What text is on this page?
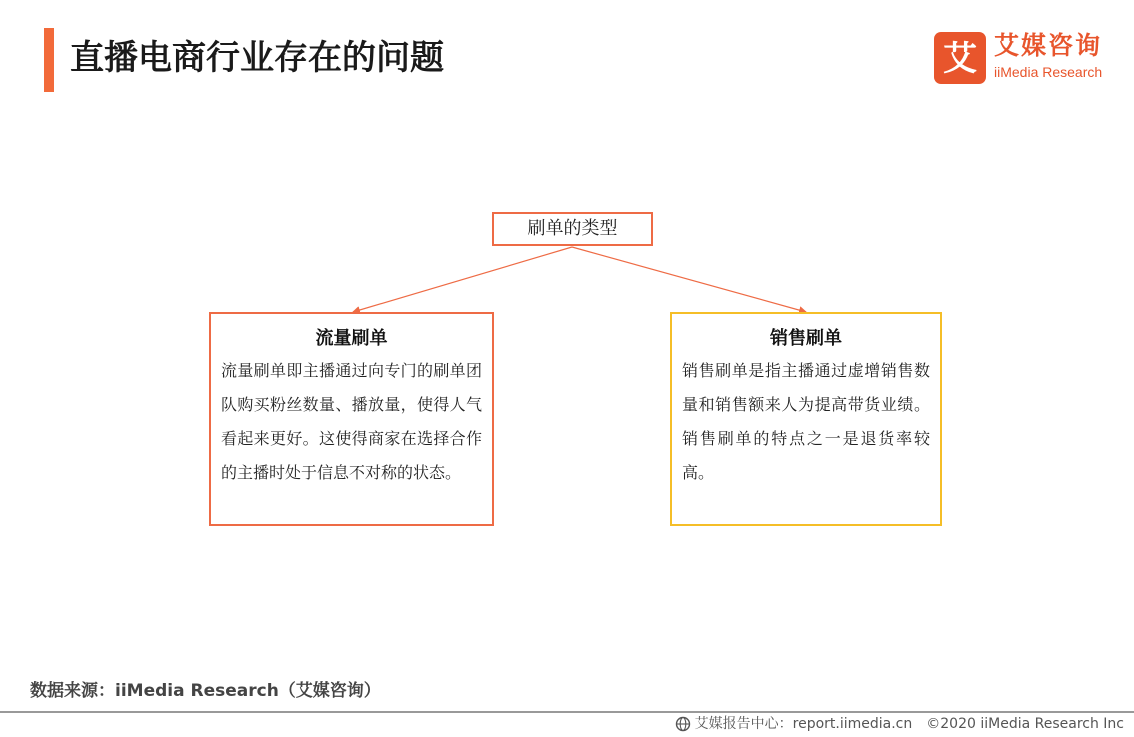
直播电商行业存在的问题	艾 艾媒咨询
iiMedia Research
刷单的类型
流量刷单
流量刷单即主播通过向专门的刷单团队购买粉丝数量、播放量，使得人气看起来更好。这使得商家在选择合作的主播时处于信息不对称的状态。
销售刷单
销售刷单是指主播通过虚增销售数量和销售额来人为提高带货业绩。销售刷单的特点之一是退货率较高。
数据来源：iiMedia Research（艾媒咨询）
艾媒报告中心：report.iimedia.cn ©2020 iiMedia Research Inc
